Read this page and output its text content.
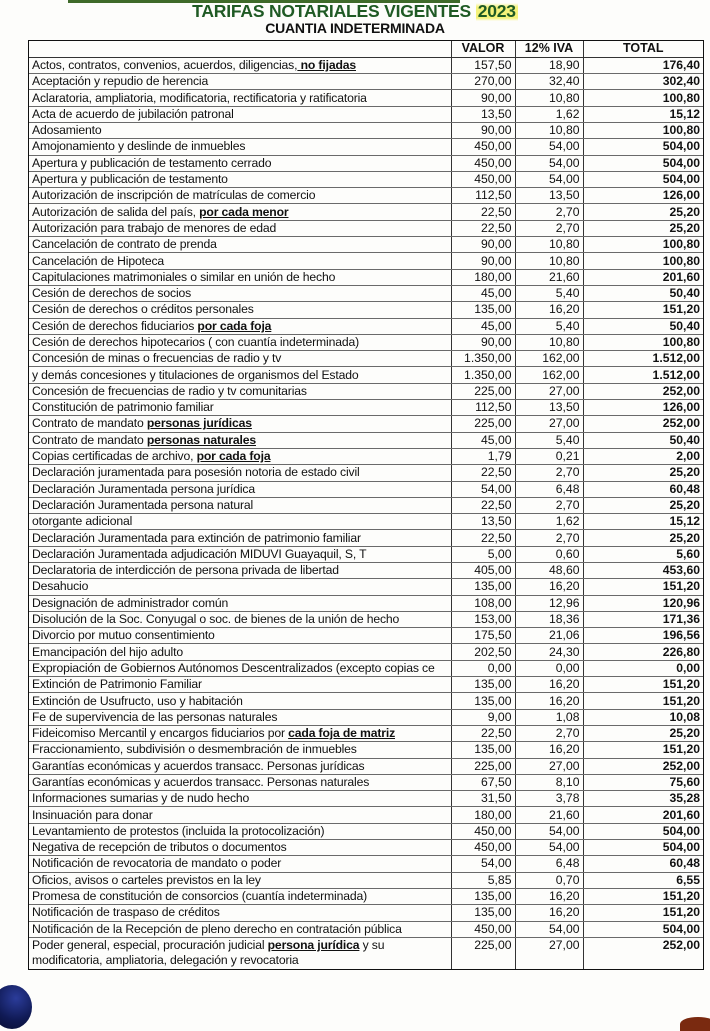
TARIFAS NOTARIALES VIGENTES 2023
CUANTIA INDETERMINADA
	VALOR	12% IVA	TOTAL
Actos, contratos, convenios, acuerdos, diligencias, no fijadas	157,50	18,90	176,40
Aceptación y repudio de herencia	270,00	32,40	302,40
Aclaratoria, ampliatoria, modificatoria, rectificatoria y ratificatoria	90,00	10,80	100,80
Acta de acuerdo de jubilación patronal	13,50	1,62	15,12
Adosamiento	90,00	10,80	100,80
Amojonamiento y deslinde de inmuebles	450,00	54,00	504,00
Apertura y publicación de testamento cerrado	450,00	54,00	504,00
Apertura y publicación de testamento	450,00	54,00	504,00
Autorización de inscripción de matrículas de comercio	112,50	13,50	126,00
Autorización de salida del país, por cada menor	22,50	2,70	25,20
Autorización para trabajo de menores de edad	22,50	2,70	25,20
Cancelación de contrato de prenda	90,00	10,80	100,80
Cancelación de Hipoteca	90,00	10,80	100,80
Capitulaciones matrimoniales o similar en unión de hecho	180,00	21,60	201,60
Cesión de derechos de socios	45,00	5,40	50,40
Cesión de derechos o créditos personales	135,00	16,20	151,20
Cesión de derechos fiduciarios por cada foja	45,00	5,40	50,40
Cesión de derechos hipotecarios ( con cuantía indeterminada)	90,00	10,80	100,80
Concesión de minas o frecuencias de radio y tv	1.350,00	162,00	1.512,00
y demás concesiones y titulaciones de organismos del Estado	1.350,00	162,00	1.512,00
Concesión de frecuencias de radio y tv comunitarias	225,00	27,00	252,00
Constitución de patrimonio familiar	112,50	13,50	126,00
Contrato de mandato personas jurídicas	225,00	27,00	252,00
Contrato de mandato personas naturales	45,00	5,40	50,40
Copias certificadas de archivo, por cada foja	1,79	0,21	2,00
Declaración juramentada para posesión notoria de estado civil	22,50	2,70	25,20
Declaración Juramentada persona jurídica	54,00	6,48	60,48
Declaración Juramentada persona natural	22,50	2,70	25,20
otorgante adicional	13,50	1,62	15,12
Declaración Juramentada para extinción de patrimonio familiar	22,50	2,70	25,20
Declaración Juramentada adjudicación MIDUVI Guayaquil, S, T	5,00	0,60	5,60
Declaratoria de interdicción de persona privada de libertad	405,00	48,60	453,60
Desahucio	135,00	16,20	151,20
Designación de administrador común	108,00	12,96	120,96
Disolución de la Soc. Conyugal o soc. de bienes de la unión de hecho	153,00	18,36	171,36
Divorcio por mutuo consentimiento	175,50	21,06	196,56
Emancipación del hijo adulto	202,50	24,30	226,80
Expropiación de Gobiernos Autónomos Descentralizados (excepto copias ce	0,00	0,00	0,00
Extinción de Patrimonio Familiar	135,00	16,20	151,20
Extinción de Usufructo, uso y habitación	135,00	16,20	151,20
Fe de supervivencia de las personas naturales	9,00	1,08	10,08
Fideicomiso Mercantil y encargos fiduciarios por cada foja de matriz	22,50	2,70	25,20
Fraccionamiento, subdivisión o desmembración de inmuebles	135,00	16,20	151,20
Garantías económicas y acuerdos transacc. Personas jurídicas	225,00	27,00	252,00
Garantías económicas y acuerdos transacc. Personas naturales	67,50	8,10	75,60
Informaciones sumarias y de nudo hecho	31,50	3,78	35,28
Insinuación para donar	180,00	21,60	201,60
Levantamiento de protestos (incluida la protocolización)	450,00	54,00	504,00
Negativa de recepción de tributos o documentos	450,00	54,00	504,00
Notificación de revocatoria de mandato o poder	54,00	6,48	60,48
Oficios, avisos o carteles previstos en la ley	5,85	0,70	6,55
Promesa de constitución de consorcios (cuantía indeterminada)	135,00	16,20	151,20
Notificación de traspaso de créditos	135,00	16,20	151,20
Notificación de la Recepción de pleno derecho en contratación pública	450,00	54,00	504,00
Poder general, especial, procuración judicial persona jurídica y su modificatoria, ampliatoria, delegación y revocatoria	225,00	27,00	252,00
